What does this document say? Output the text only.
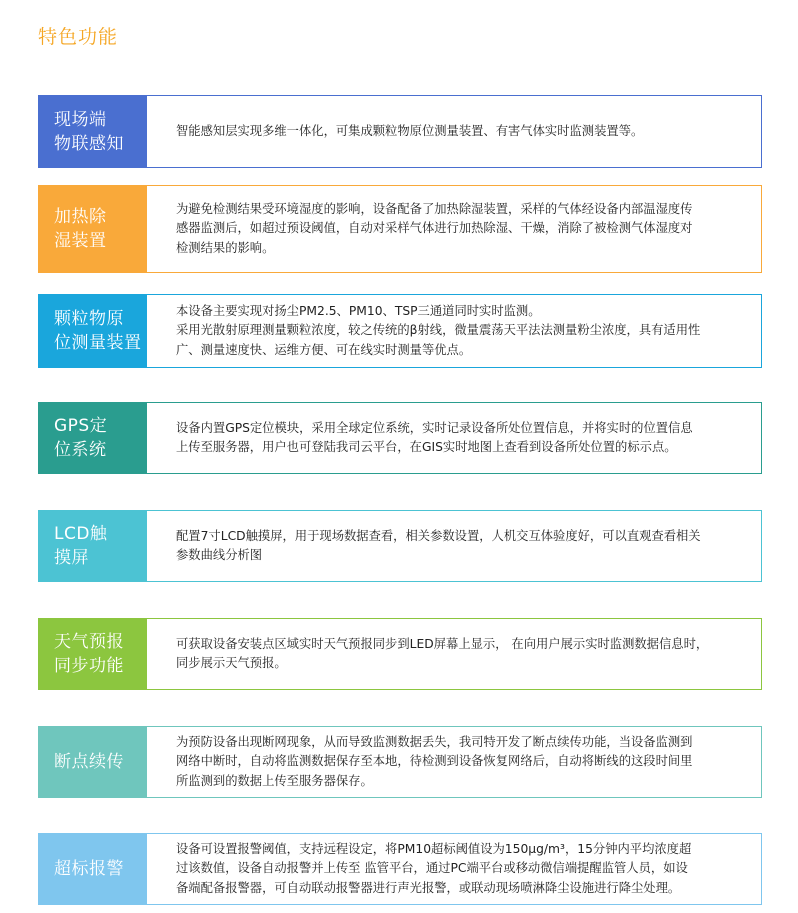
特色功能
现场端
物联感知
智能感知层实现多维一体化，可集成颗粒物原位测量装置、有害气体实时监测装置等。
加热除
湿装置
为避免检测结果受环境湿度的影响，设备配备了加热除湿装置，采样的气体经设备内部温湿度传
感器监测后，如超过预设阈值，自动对采样气体进行加热除湿、干燥，消除了被检测气体湿度对
检测结果的影响。
颗粒物原
位测量装置
本设备主要实现对扬尘PM2.5、PM10、TSP三通道同时实时监测。
采用光散射原理测量颗粒浓度，较之传统的β射线，微量震荡天平法法测量粉尘浓度，具有适用性
广、测量速度快、运维方便、可在线实时测量等优点。
GPS定
位系统
设备内置GPS定位模块，采用全球定位系统，实时记录设备所处位置信息，并将实时的位置信息
上传至服务器，用户也可登陆我司云平台，在GIS实时地图上查看到设备所处位置的标示点。
LCD触
摸屏
配置7寸LCD触摸屏，用于现场数据查看，相关参数设置，人机交互体验度好，可以直观查看相关
参数曲线分析图
天气预报
同步功能
可获取设备安装点区域实时天气预报同步到LED屏幕上显示， 在向用户展示实时监测数据信息时，
同步展示天气预报。
断点续传
为预防设备出现断网现象，从而导致监测数据丢失，我司特开发了断点续传功能，当设备监测到
网络中断时，自动将监测数据保存至本地，待检测到设备恢复网络后，自动将断线的这段时间里
所监测到的数据上传至服务器保存。
超标报警
设备可设置报警阈值，支持远程设定，将PM10超标阈值设为150μg/m³，15分钟内平均浓度超
过该数值，设备自动报警并上传至 监管平台，通过PC端平台或移动微信端提醒监管人员，如设
备端配备报警器，可自动联动报警器进行声光报警，或联动现场喷淋降尘设施进行降尘处理。
